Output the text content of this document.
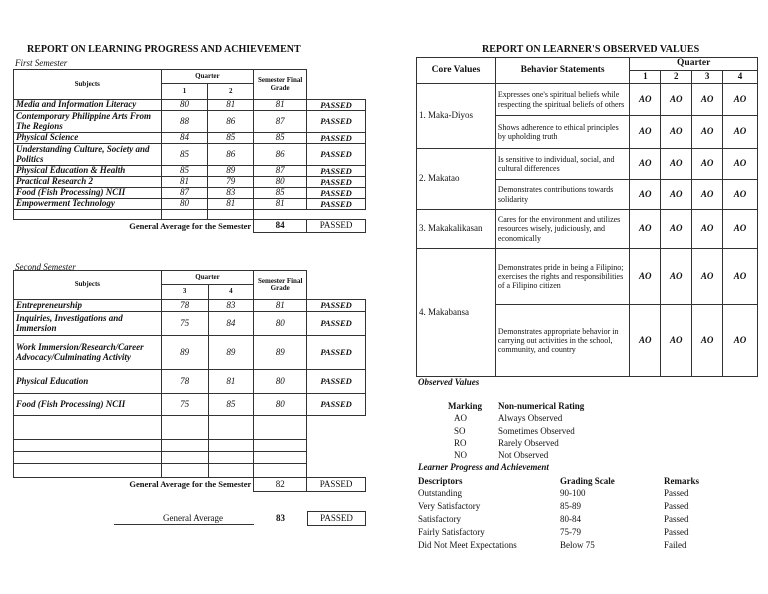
REPORT ON LEARNING PROGRESS AND ACHIEVEMENT
First Semester
Subjects	Quarter		Semester Final Grade	
	1	2		
Media and Information Literacy	80	81	81	PASSED
Contemporary Philippine Arts From The Regions	88	86	87	PASSED
Physical Science	84	85	85	PASSED
Understanding Culture, Society and Politics	85	86	86	PASSED
Physical Education & Health	85	89	87	PASSED
Practical Research 2	81	79	80	PASSED
Food (Fish Processing) NCII	87	83	85	PASSED
Empowerment Technology	80	81	81	PASSED

General Average for the Semester			84	PASSED
Second Semester
Subjects	Quarter		Semester Final Grade	
	3	4		
Entrepreneurship	78	83	81	PASSED
Inquiries, Investigations and Immersion	75	84	80	PASSED
Work Immersion/Research/Career Advocacy/Culminating Activity	89	89	89	PASSED
Physical Education	78	81	80	PASSED
Food (Fish Processing) NCII	75	85	80	PASSED

General Average for the Semester			82	PASSED
General Average	83	PASSED
REPORT ON LEARNER'S OBSERVED VALUES
Core Values	Behavior Statements	Quarter			
		1	2	3	4
1. Maka-Diyos	Expresses one's spiritual beliefs while respecting the spiritual beliefs of others	AO	AO	AO	AO
	Shows adherence to ethical principles by upholding truth	AO	AO	AO	AO
2. Makatao	Is sensitive to individual, social, and cultural differences	AO	AO	AO	AO
	Demonstrates contributions towards solidarity	AO	AO	AO	AO
3. Makakalikasan	Cares for the environment and utilizes resources wisely, judiciously, and economically	AO	AO	AO	AO
4. Makabansa	Demonstrates pride in being a Filipino; exercises the rights and responsibilities of a Filipino citizen	AO	AO	AO	AO
	Demonstrates appropriate behavior in carrying out activities in the school, community, and country	AO	AO	AO	AO
Observed Values
Marking	Non-numerical Rating
AO	Always Observed
SO	Sometimes Observed
RO	Rarely Observed
NO	Not Observed
Learner Progress and Achievement
Descriptors	Grading Scale	Remarks
Outstanding	90-100	Passed
Very Satisfactory	85-89	Passed
Satisfactory	80-84	Passed
Fairly Satisfactory	75-79	Passed
Did Not Meet Expectations	Below 75	Failed
